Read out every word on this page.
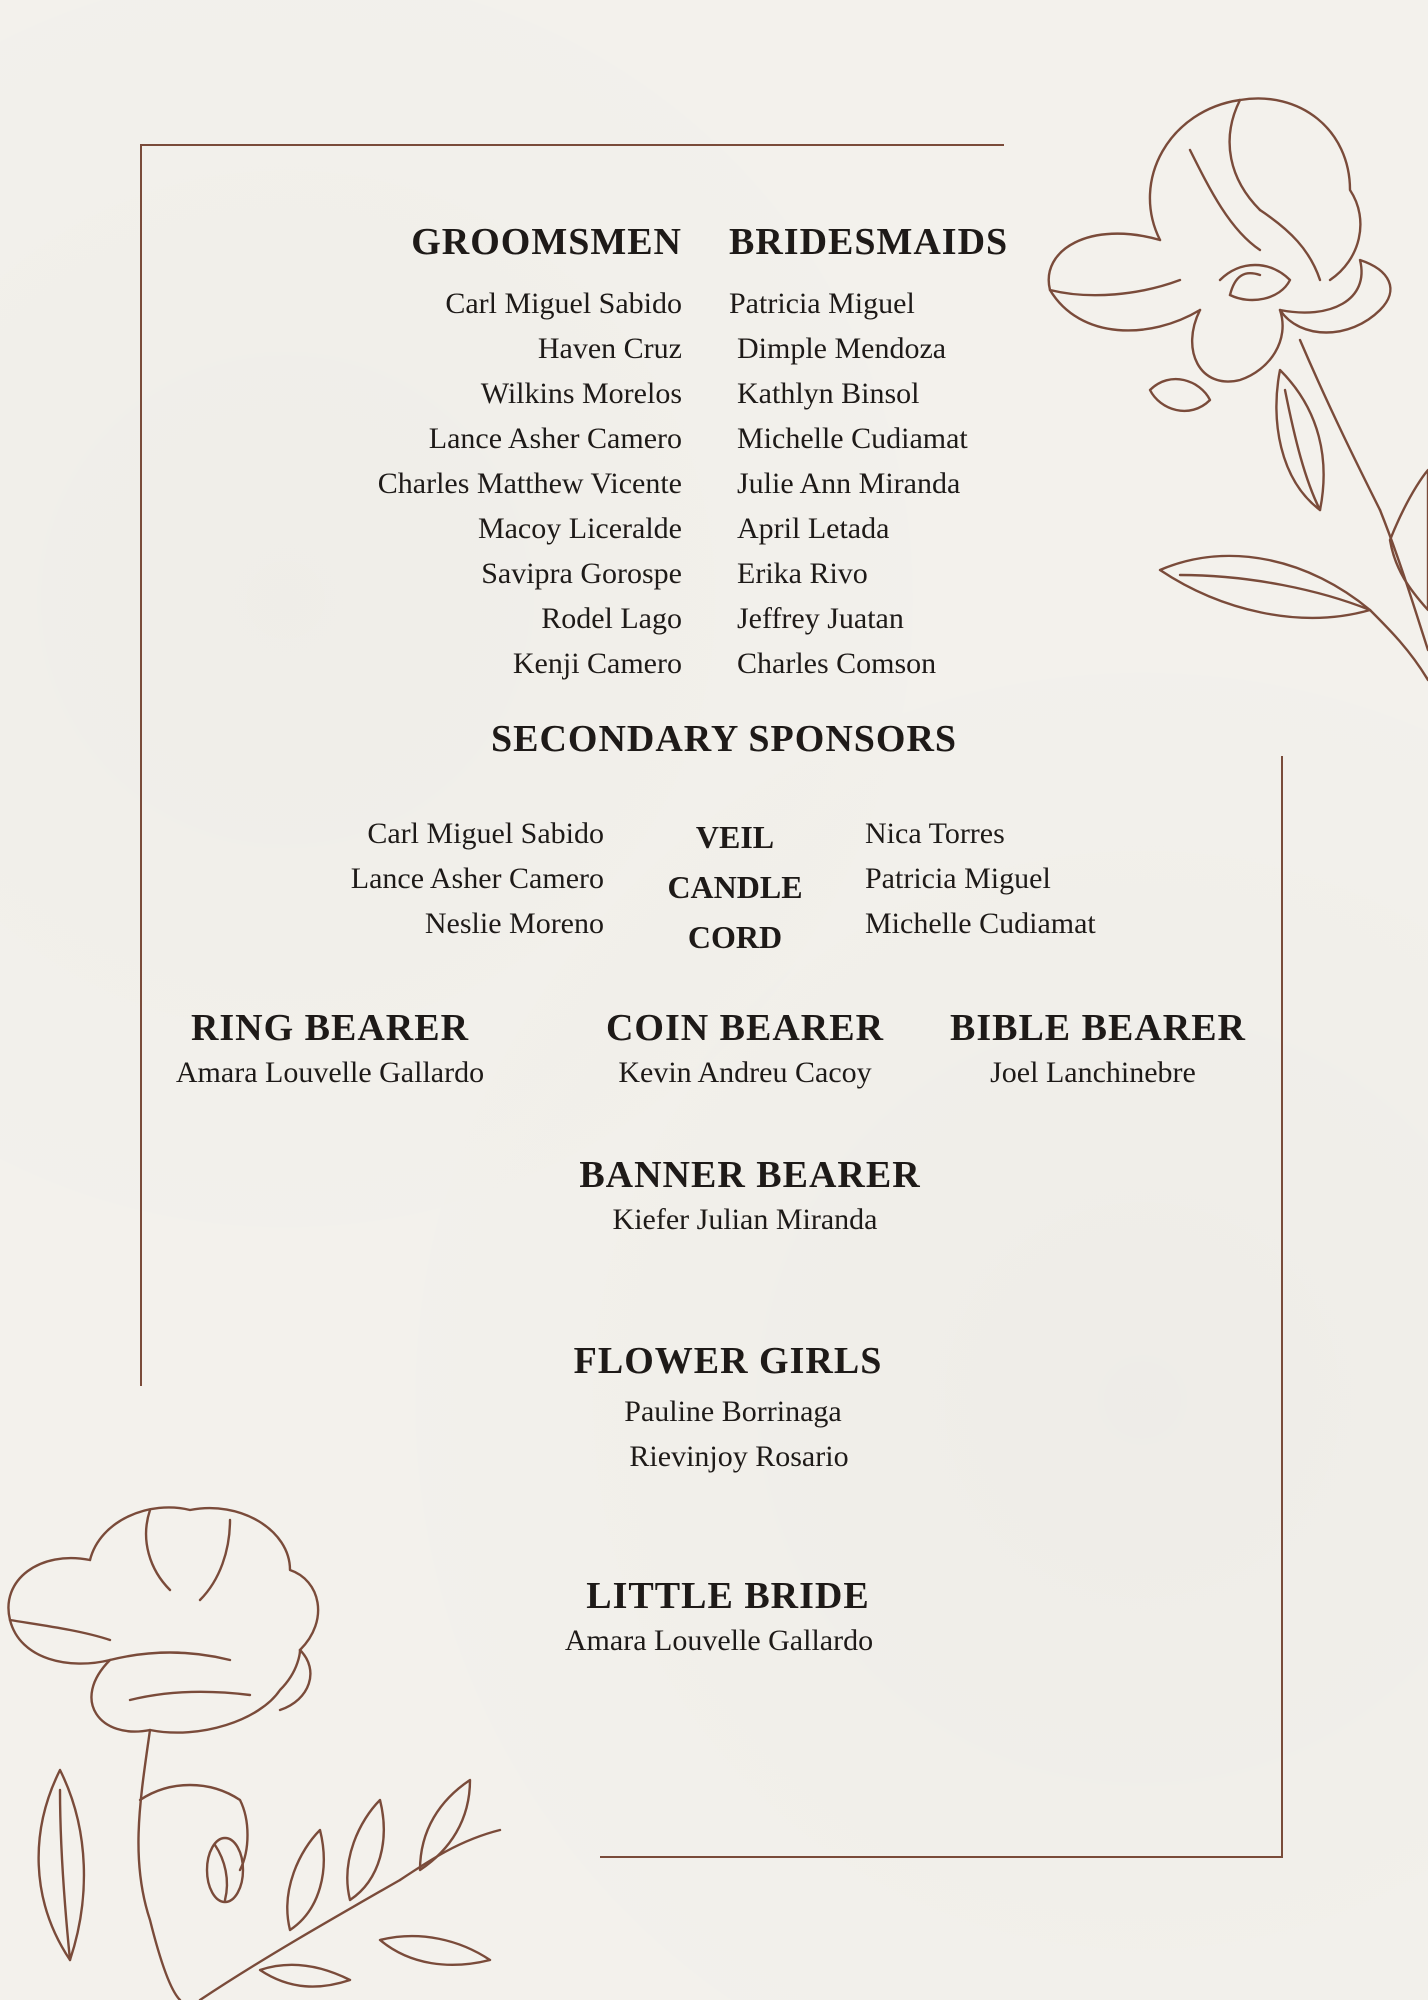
GROOMSMEN
Carl Miguel Sabido
Haven Cruz
Wilkins Morelos
Lance Asher Camero
Charles Matthew Vicente
Macoy Liceralde
Savipra Gorospe
Rodel Lago
Kenji Camero
BRIDESMAIDS
Patricia Miguel
Dimple Mendoza
Kathlyn Binsol
Michelle Cudiamat
Julie Ann Miranda
April Letada
Erika Rivo
Jeffrey Juatan
Charles Comson
SECONDARY SPONSORS
Carl Miguel Sabido
Lance Asher Camero
Neslie Moreno
VEIL
CANDLE
CORD
Nica Torres
Patricia Miguel
Michelle Cudiamat
RING BEARER
Amara Louvelle Gallardo
COIN BEARER
Kevin Andreu Cacoy
BIBLE BEARER
Joel Lanchinebre
BANNER BEARER
Kiefer Julian Miranda
FLOWER GIRLS
Pauline Borrinaga
Rievinjoy Rosario
LITTLE BRIDE
Amara Louvelle Gallardo
